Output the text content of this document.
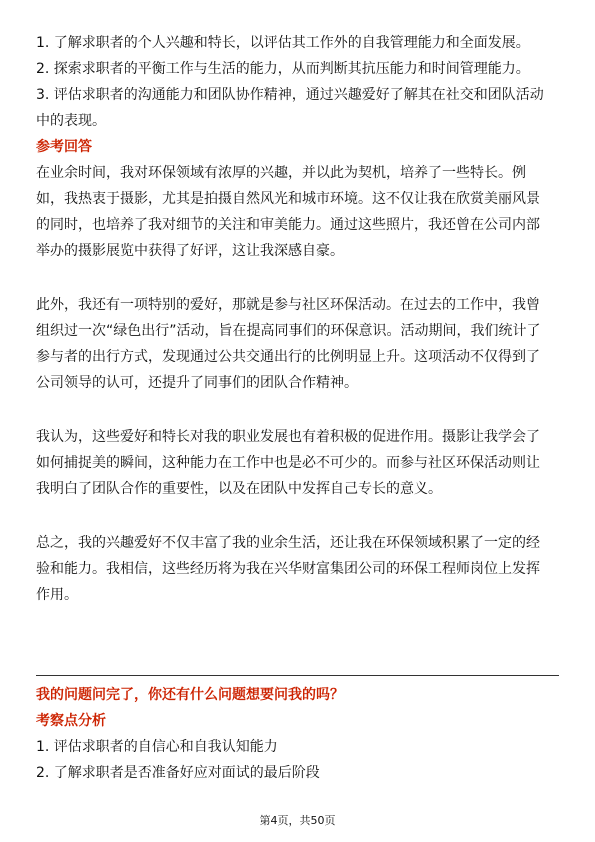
1. 了解求职者的个人兴趣和特长，以评估其工作外的自我管理能力和全面发展。

2. 探索求职者的平衡工作与生活的能力，从而判断其抗压能力和时间管理能力。

3. 评估求职者的沟通能力和团队协作精神，通过兴趣爱好了解其在社交和团队活动

中的表现。

参考回答

在业余时间，我对环保领域有浓厚的兴趣，并以此为契机，培养了一些特长。例

如，我热衷于摄影，尤其是拍摄自然风光和城市环境。这不仅让我在欣赏美丽风景

的同时，也培养了我对细节的关注和审美能力。通过这些照片，我还曾在公司内部

举办的摄影展览中获得了好评，这让我深感自豪。

此外，我还有一项特别的爱好，那就是参与社区环保活动。在过去的工作中，我曾

组织过一次“绿色出行”活动，旨在提高同事们的环保意识。活动期间，我们统计了

参与者的出行方式，发现通过公共交通出行的比例明显上升。这项活动不仅得到了

公司领导的认可，还提升了同事们的团队合作精神。

我认为，这些爱好和特长对我的职业发展也有着积极的促进作用。摄影让我学会了

如何捕捉美的瞬间，这种能力在工作中也是必不可少的。而参与社区环保活动则让

我明白了团队合作的重要性，以及在团队中发挥自己专长的意义。

总之，我的兴趣爱好不仅丰富了我的业余生活，还让我在环保领域积累了一定的经

验和能力。我相信，这些经历将为我在兴华财富集团公司的环保工程师岗位上发挥

作用。

我的问题问完了，你还有什么问题想要问我的吗？

考察点分析

1. 评估求职者的自信心和自我认知能力

2. 了解求职者是否准备好应对面试的最后阶段

第4页，共50页
